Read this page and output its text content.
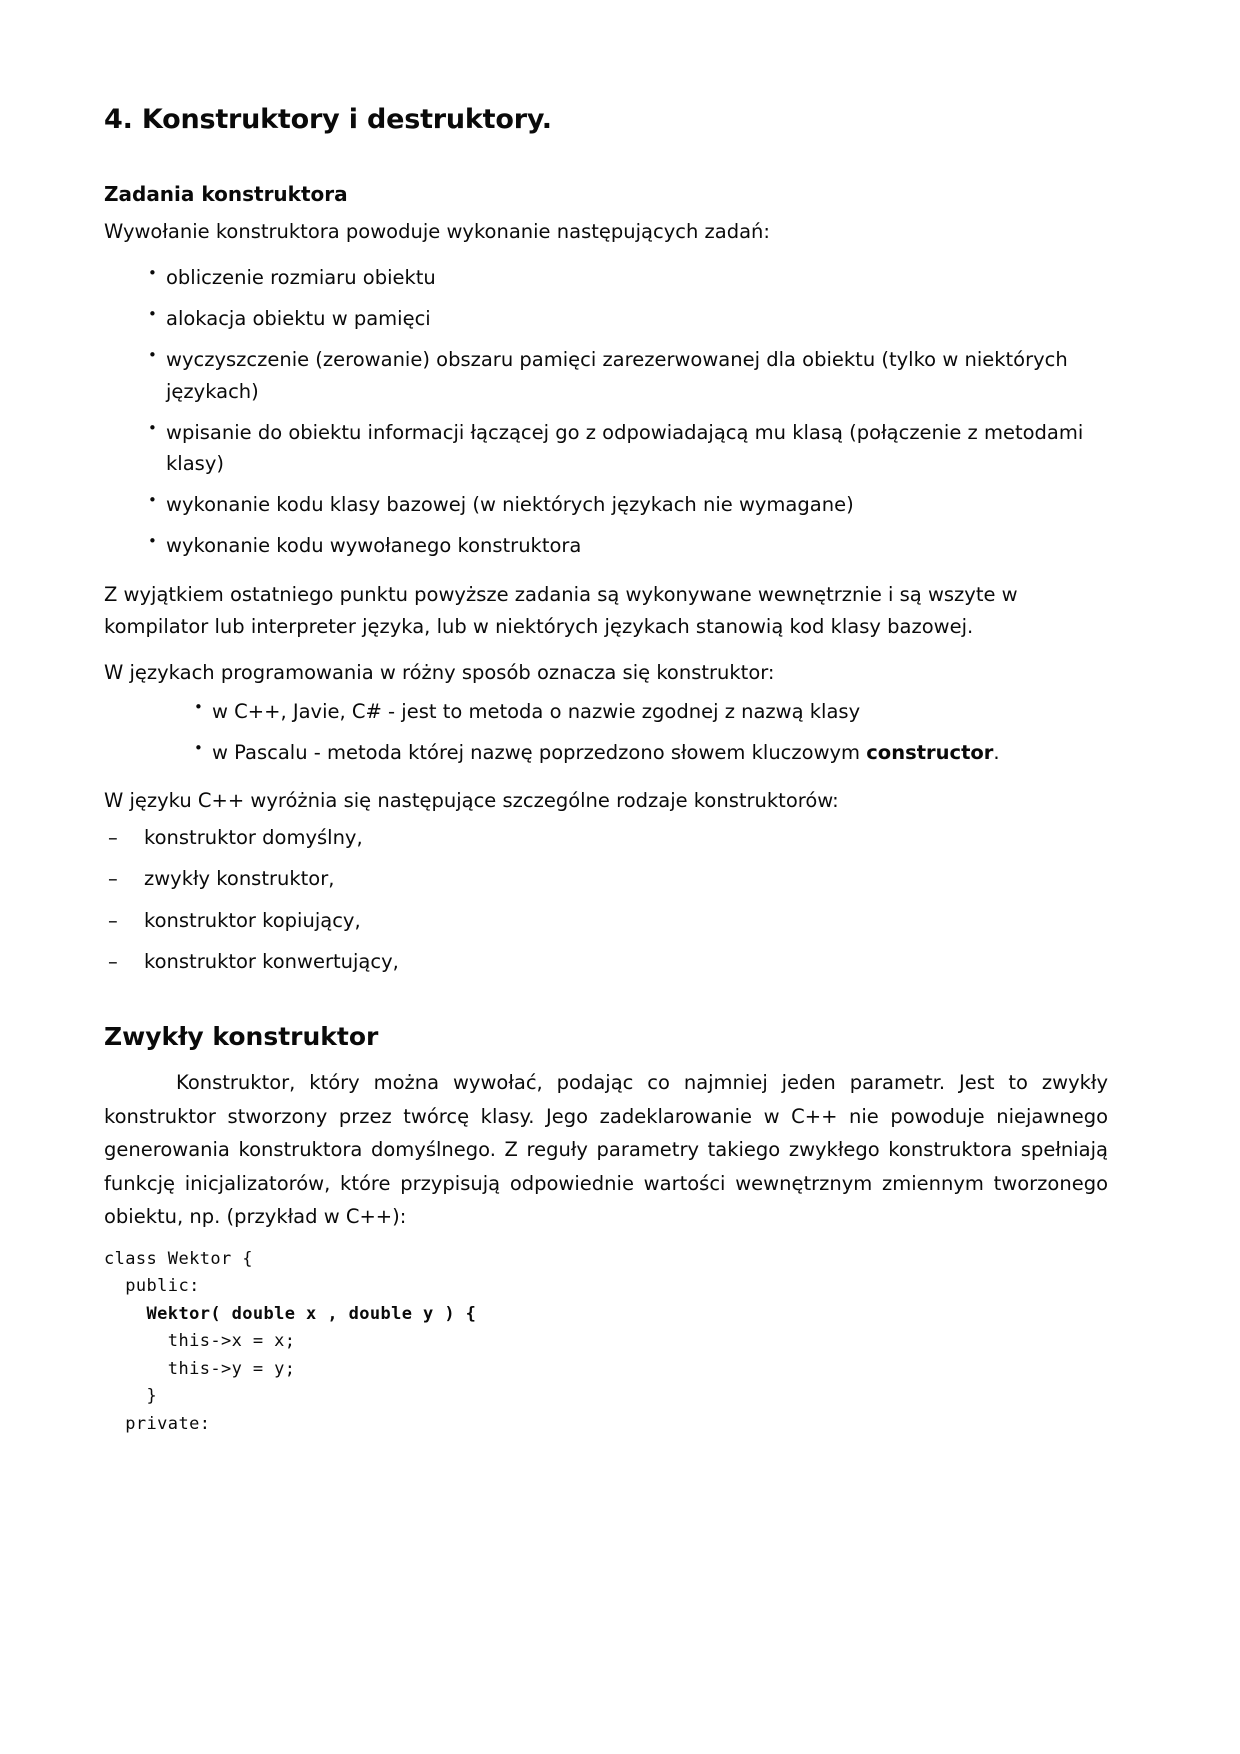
4. Konstruktory i destruktory.
Zadania konstruktora

Wywołanie konstruktora powoduje wykonanie następujących zadań:

• obliczenie rozmiaru obiektu
• alokacja obiektu w pamięci
• wyczyszczenie (zerowanie) obszaru pamięci zarezerwowanej dla obiektu (tylko w niektórych językach)
• wpisanie do obiektu informacji łączącej go z odpowiadającą mu klasą (połączenie z metodami klasy)
• wykonanie kodu klasy bazowej (w niektórych językach nie wymagane)
• wykonanie kodu wywołanego konstruktora

Z wyjątkiem ostatniego punktu powyższe zadania są wykonywane wewnętrznie i są wszyte w kompilator lub interpreter języka, lub w niektórych językach stanowią kod klasy bazowej.

W językach programowania w różny sposób oznacza się konstruktor:

• w C++, Javie, C# - jest to metoda o nazwie zgodnej z nazwą klasy
• w Pascalu - metoda której nazwę poprzedzono słowem kluczowym constructor.

W języku C++ wyróżnia się następujące szczególne rodzaje konstruktorów:

– konstruktor domyślny,
– zwykły konstruktor,
– konstruktor kopiujący,
– konstruktor konwertujący,
Zwykły konstruktor

Konstruktor, który można wywołać, podając co najmniej jeden parametr. Jest to zwykły konstruktor stworzony przez twórcę klasy. Jego zadeklarowanie w C++ nie powoduje niejawnego generowania konstruktora domyślnego. Z reguły parametry takiego zwykłego konstruktora spełniają funkcję inicjalizatorów, które przypisują odpowiednie wartości wewnętrznym zmiennym tworzonego obiektu, np. (przykład w C++):

class Wektor {
public:
Wektor( double x , double y ) {
this->x = x;
this->y = y;
}
private:
